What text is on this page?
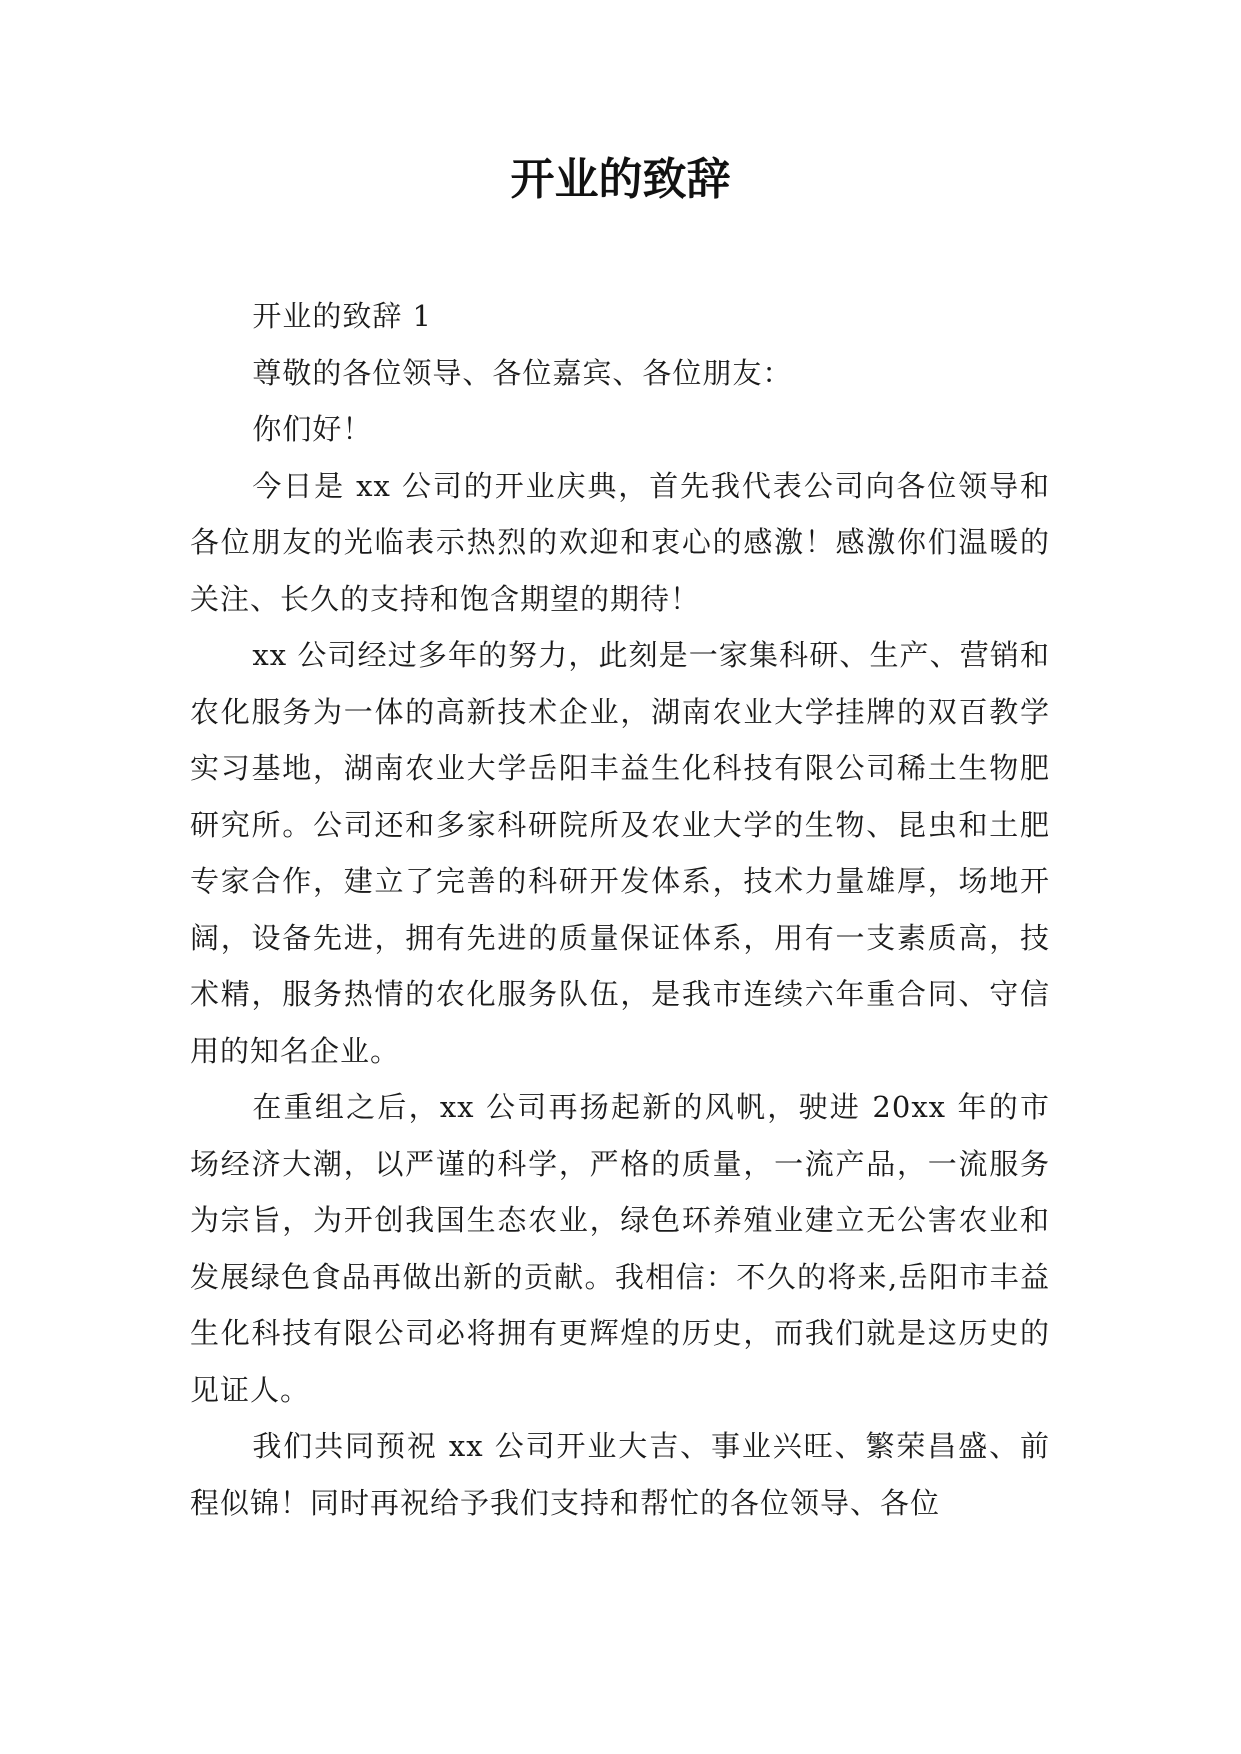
开业的致辞

开业的致辞 1

尊敬的各位领导、各位嘉宾、各位朋友：

你们好！

今日是 xx 公司的开业庆典，首先我代表公司向各位领导和各位朋友的光临表示热烈的欢迎和衷心的感激！感激你们温暖的关注、长久的支持和饱含期望的期待！

xx 公司经过多年的努力，此刻是一家集科研、生产、营销和农化服务为一体的高新技术企业，湖南农业大学挂牌的双百教学实习基地，湖南农业大学岳阳丰益生化科技有限公司稀土生物肥研究所。公司还和多家科研院所及农业大学的生物、昆虫和土肥专家合作，建立了完善的科研开发体系，技术力量雄厚，场地开阔，设备先进，拥有先进的质量保证体系，用有一支素质高，技术精，服务热情的农化服务队伍，是我市连续六年重合同、守信用的知名企业。

在重组之后，xx 公司再扬起新的风帆，驶进 20xx 年的市场经济大潮，以严谨的科学，严格的质量，一流产品，一流服务为宗旨，为开创我国生态农业，绿色环养殖业建立无公害农业和发展绿色食品再做出新的贡献。我相信：不久的将来,岳阳市丰益生化科技有限公司必将拥有更辉煌的历史，而我们就是这历史的见证人。

我们共同预祝 xx 公司开业大吉、事业兴旺、繁荣昌盛、前程似锦！同时再祝给予我们支持和帮忙的各位领导、各位
